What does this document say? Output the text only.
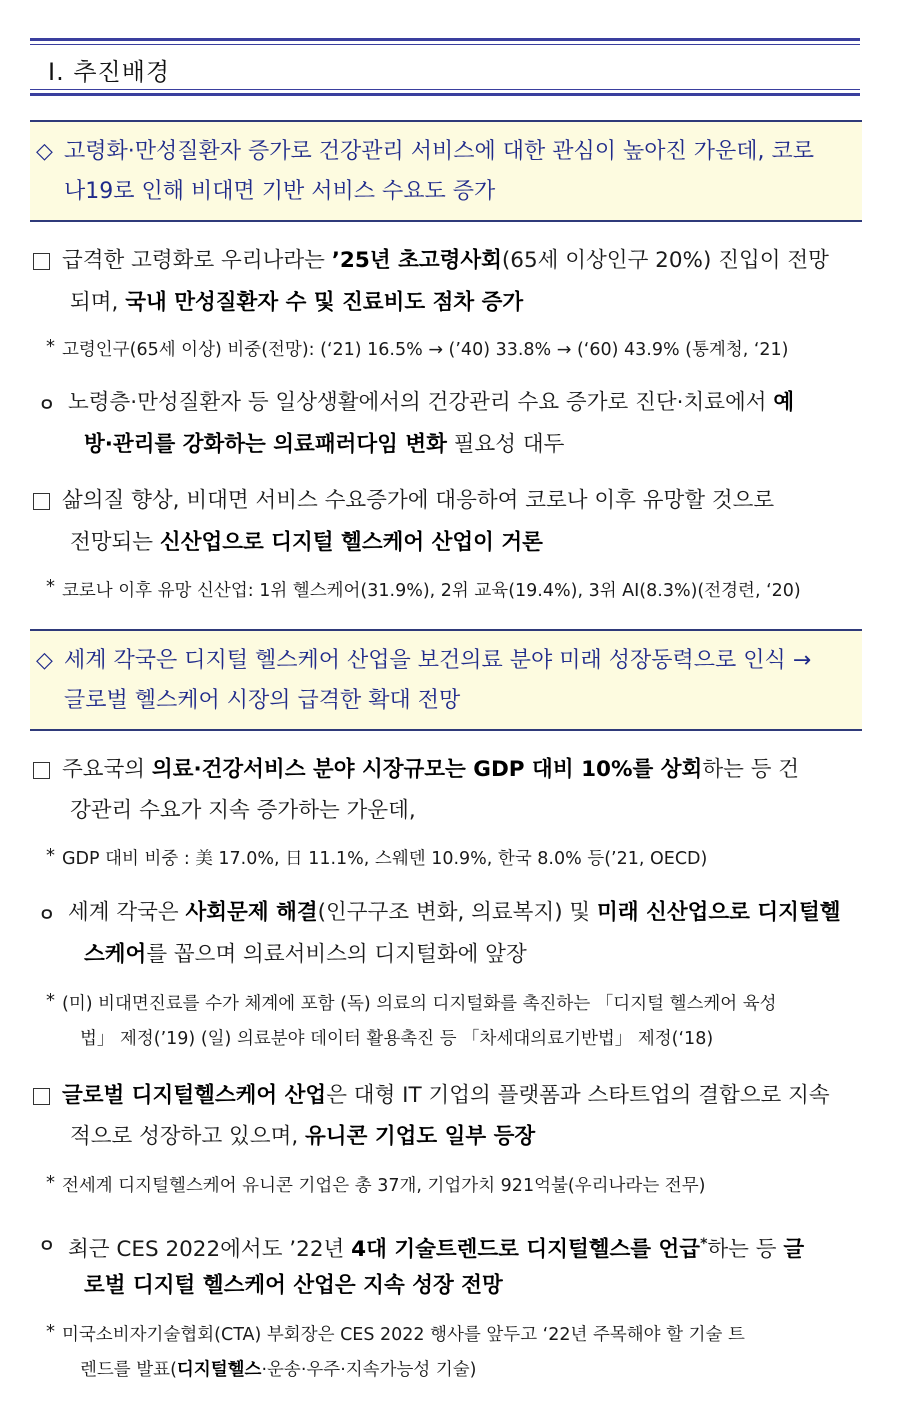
Ⅰ. 추진배경
◇ 고령화·만성질환자 증가로 건강관리 서비스에 대한 관심이 높아진 가운데, 코로
나19로 인해 비대면 기반 서비스 수요도 증가
급격한 고령화로 우리나라는 ’25년 초고령사회(65세 이상인구 20%) 진입이 전망
되며, 국내 만성질환자 수 및 진료비도 점차 증가
* 고령인구(65세 이상) 비중(전망): (‘21) 16.5% → (’40) 33.8% → (‘60) 43.9% (통계청, ‘21)
ㅇ 노령층·만성질환자 등 일상생활에서의 건강관리 수요 증가로 진단·치료에서 예
방·관리를 강화하는 의료패러다임 변화 필요성 대두
삶의질 향상, 비대면 서비스 수요증가에 대응하여 코로나 이후 유망할 것으로
전망되는 신산업으로 디지털 헬스케어 산업이 거론
* 코로나 이후 유망 신산업: 1위 헬스케어(31.9%), 2위 교육(19.4%), 3위 AI(8.3%)(전경련, ‘20)
◇ 세계 각국은 디지털 헬스케어 산업을 보건의료 분야 미래 성장동력으로 인식 →
글로벌 헬스케어 시장의 급격한 확대 전망
주요국의 의료·건강서비스 분야 시장규모는 GDP 대비 10%를 상회하는 등 건
강관리 수요가 지속 증가하는 가운데,
* GDP 대비 비중 : 美 17.0%, 日 11.1%, 스웨덴 10.9%, 한국 8.0% 등(’21, OECD)
ㅇ 세계 각국은 사회문제 해결(인구구조 변화, 의료복지) 및 미래 신산업으로 디지털헬
스케어를 꼽으며 의료서비스의 디지털화에 앞장
* (미) 비대면진료를 수가 체계에 포함 (독) 의료의 디지털화를 촉진하는 「디지털 헬스케어 육성
법」 제정(’19) (일) 의료분야 데이터 활용촉진 등 「차세대의료기반법」 제정(‘18)
글로벌 디지털헬스케어 산업은 대형 IT 기업의 플랫폼과 스타트업의 결합으로 지속
적으로 성장하고 있으며, 유니콘 기업도 일부 등장
* 전세계 디지털헬스케어 유니콘 기업은 총 37개, 기업가치 921억불(우리나라는 전무)
ㅇ 최근 CES 2022에서도 ’22년 4대 기술트렌드로 디지털헬스를 언급*하는 등 글
로벌 디지털 헬스케어 산업은 지속 성장 전망
* 미국소비자기술협회(CTA) 부회장은 CES 2022 행사를 앞두고 ‘22년 주목해야 할 기술 트
렌드를 발표(디지털헬스·운송·우주·지속가능성 기술)
